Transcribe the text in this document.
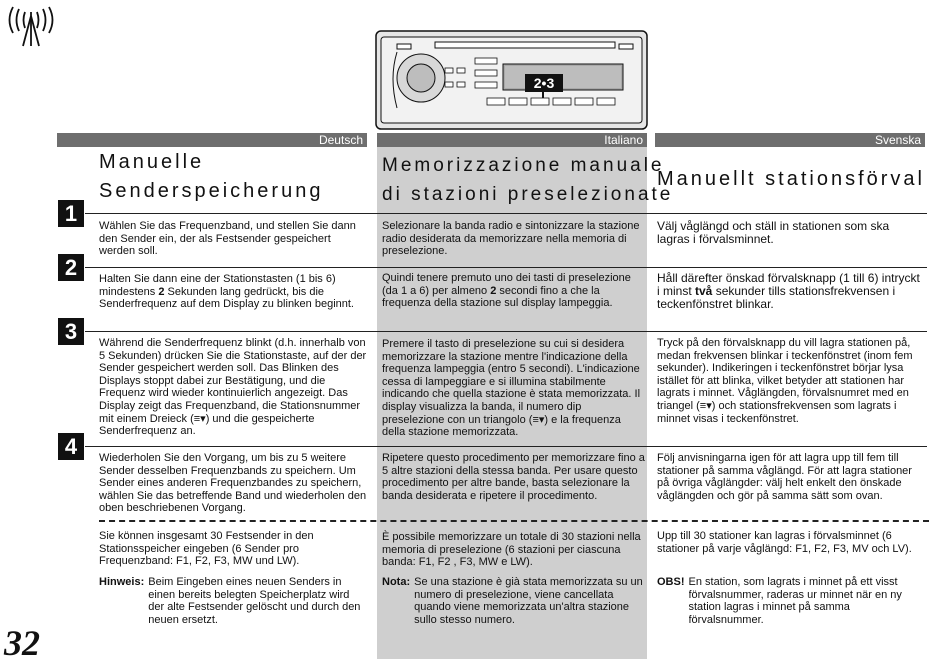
2•3
Deutsch	Italiano	Svenska
Manuelle
Senderspeicherung
Memorizzazione manuale
di stazioni preselezionate
Manuellt stationsförval
1
2
3
4
Wählen Sie das Frequenzband, und stellen Sie dann den Sender ein, der als Festsender gespeichert werden soll.
Halten Sie dann eine der Stationstasten (1 bis 6) mindestens 2 Sekunden lang gedrückt, bis die Senderfrequenz auf dem Display zu blinken beginnt.
Während die Senderfrequenz blinkt (d.h. innerhalb von 5 Sekunden) drücken Sie die Stationstaste, auf der der Sender gespeichert werden soll. Das Blinken des Displays stoppt dabei zur Bestätigung, und die Frequenz wird wieder kontinuierlich angezeigt. Das Display zeigt das Frequenzband, die Stationsnummer mit einem Dreieck (≡▾) und die gespeicherte Senderfrequenz an.
Wiederholen Sie den Vorgang, um bis zu 5 weitere Sender desselben Frequenzbands zu speichern. Um Sender eines anderen Frequenzbandes zu speichern, wählen Sie das betreffende Band und wiederholen den oben beschriebenen Vorgang.
Sie können insgesamt 30 Festsender in den Stationsspeicher eingeben (6 Sender pro Frequenzband: F1, F2, F3, MW und LW).
Hinweis: Beim Eingeben eines neuen Senders in einen bereits belegten Speicherplatz wird der alte Festsender gelöscht und durch den neuen ersetzt.
Selezionare la banda radio e sintonizzare la stazione radio desiderata da memorizzare nella memoria di preselezione.
Quindi tenere premuto uno dei tasti di preselezione (da 1 a 6) per almeno 2 secondi fino a che la frequenza della stazione sul display lampeggia.
Premere il tasto di preselezione su cui si desidera memorizzare la stazione mentre l'indicazione della frequenza lampeggia (entro 5 secondi). L'indicazione cessa di lampeggiare e si illumina stabilmente indicando che quella stazione è stata memorizzata. Il display visualizza la banda, il numero dip preselezione con un triangolo (≡▾) e la frequenza della stazione memorizzata.
Ripetere questo procedimento per memorizzare fino a 5 altre stazioni della stessa banda. Per usare questo procedimento per altre bande, basta selezionare la banda desiderata e ripetere il procedimento.
È possibile memorizzare un totale di 30 stazioni nella memoria di preselezione (6 stazioni per ciascuna banda: F1, F2 , F3, MW e LW).
Nota: Se una stazione è già stata memorizzata su un numero di preselezione, viene cancellata quando viene memorizzata un'altra stazione sullo stesso numero.
Välj våglängd och ställ in stationen som ska lagras i förvalsminnet.
Håll därefter önskad förvalsknapp (1 till 6) intryckt i minst två sekunder tills stationsfrekvensen i teckenfönstret blinkar.
Tryck på den förvalsknapp du vill lagra stationen på, medan frekvensen blinkar i teckenfönstret (inom fem sekunder). Indikeringen i teckenfönstret börjar lysa istället för att blinka, vilket betyder att stationen har lagrats i minnet. Våglängden, förvalsnumret med en triangel (≡▾) och stationsfrekvensen som lagrats i minnet visas i teckenfönstret.
Följ anvisningarna igen för att lagra upp till fem till stationer på samma våglängd. För att lagra stationer på övriga våglängder: välj helt enkelt den önskade våglängden och gör på samma sätt som ovan.
Upp till 30 stationer kan lagras i förvalsminnet (6 stationer på varje våglängd: F1, F2, F3, MV och LV).
OBS! En station, som lagrats i minnet på ett visst förvalsnummer, raderas ur minnet när en ny station lagras i minnet på samma förvalsnummer.
32
